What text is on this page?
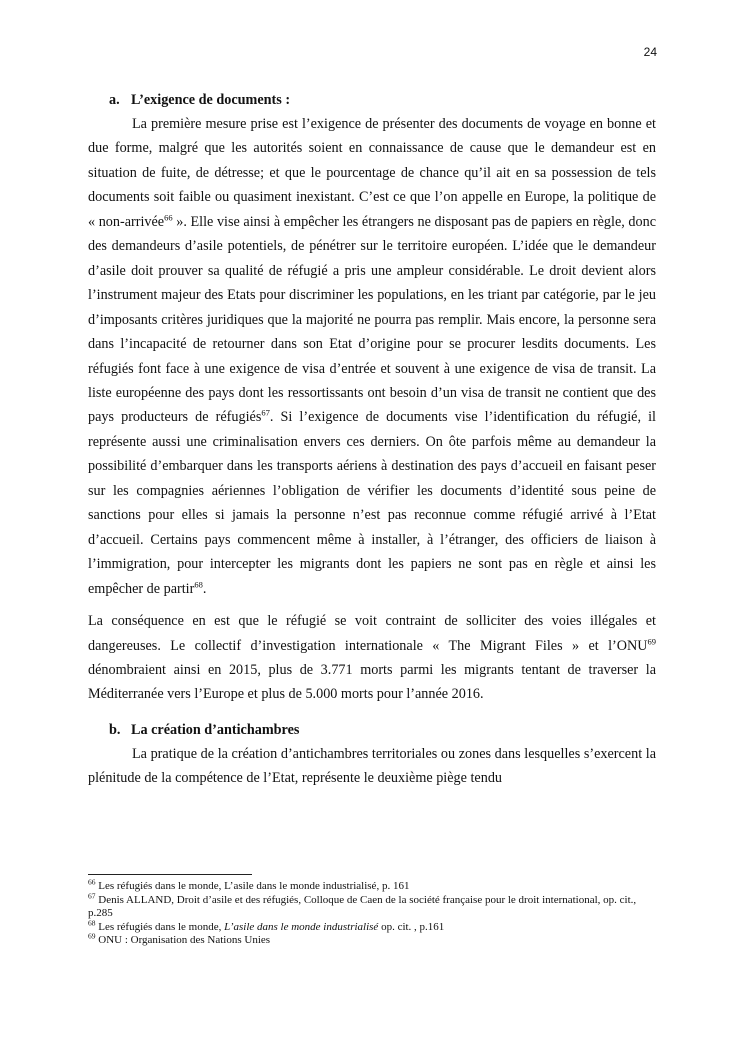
24

a. L’exigence de documents :

La première mesure prise est l’exigence de présenter des documents de voyage en bonne et due forme, malgré que les autorités soient en connaissance de cause que le demandeur est en situation de fuite, de détresse; et que le pourcentage de chance qu’il ait en sa possession de tels documents soit faible ou quasiment inexistant. C’est ce que l’on appelle en Europe, la politique de « non-arrivée$^{66}$ ». Elle vise ainsi à empêcher les étrangers ne disposant pas de papiers en règle, donc des demandeurs d’asile potentiels, de pénétrer sur le territoire européen. L’idée que le demandeur d’asile doit prouver sa qualité de réfugié a pris une ampleur considérable. Le droit devient alors l’instrument majeur des Etats pour discriminer les populations, en les triant par catégorie, par le jeu d’imposants critères juridiques que la majorité ne pourra pas remplir. Mais encore, la personne sera dans l’incapacité de retourner dans son Etat d’origine pour se procurer lesdits documents. Les réfugiés font face à une exigence de visa d’entrée et souvent à une exigence de visa de transit. La liste européenne des pays dont les ressortissants ont besoin d’un visa de transit ne contient que des pays producteurs de réfugiés$^{67}$. Si l’exigence de documents vise l’identification du réfugié, il représente aussi une criminalisation envers ces derniers. On ôte parfois même au demandeur la possibilité d’embarquer dans les transports aériens à destination des pays d’accueil en faisant peser sur les compagnies aériennes l’obligation de vérifier les documents d’identité sous peine de sanctions pour elles si jamais la personne n’est pas reconnue comme réfugié arrivé à l’Etat d’accueil. Certains pays commencent même à installer, à l’étranger, des officiers de liaison à l’immigration, pour intercepter les migrants dont les papiers ne sont pas en règle et ainsi les empêcher de partir$^{68}$.

La conséquence en est que le réfugié se voit contraint de solliciter des voies illégales et dangereuses. Le collectif d’investigation internationale « The Migrant Files » et l’ONU$^{69}$ dénombraient ainsi en 2015, plus de 3.771 morts parmi les migrants tentant de traverser la Méditerranée vers l’Europe et plus de 5.000 morts pour l’année 2016.

b. La création d’antichambres

La pratique de la création d’antichambres territoriales ou zones dans lesquelles s’exercent la plénitude de la compétence de l’Etat, représente le deuxième piège tendu

$^{66}$ Les réfugiés dans le monde, L’asile dans le monde industrialisé, p. 161

$^{67}$ Denis ALLAND, Droit d’asile et des réfugiés, Colloque de Caen de la société française pour le droit international, op. cit., p.285

$^{68}$ Les réfugiés dans le monde, L’asile dans le monde industrialisé op. cit. , p.161

$^{69}$ ONU : Organisation des Nations Unies
